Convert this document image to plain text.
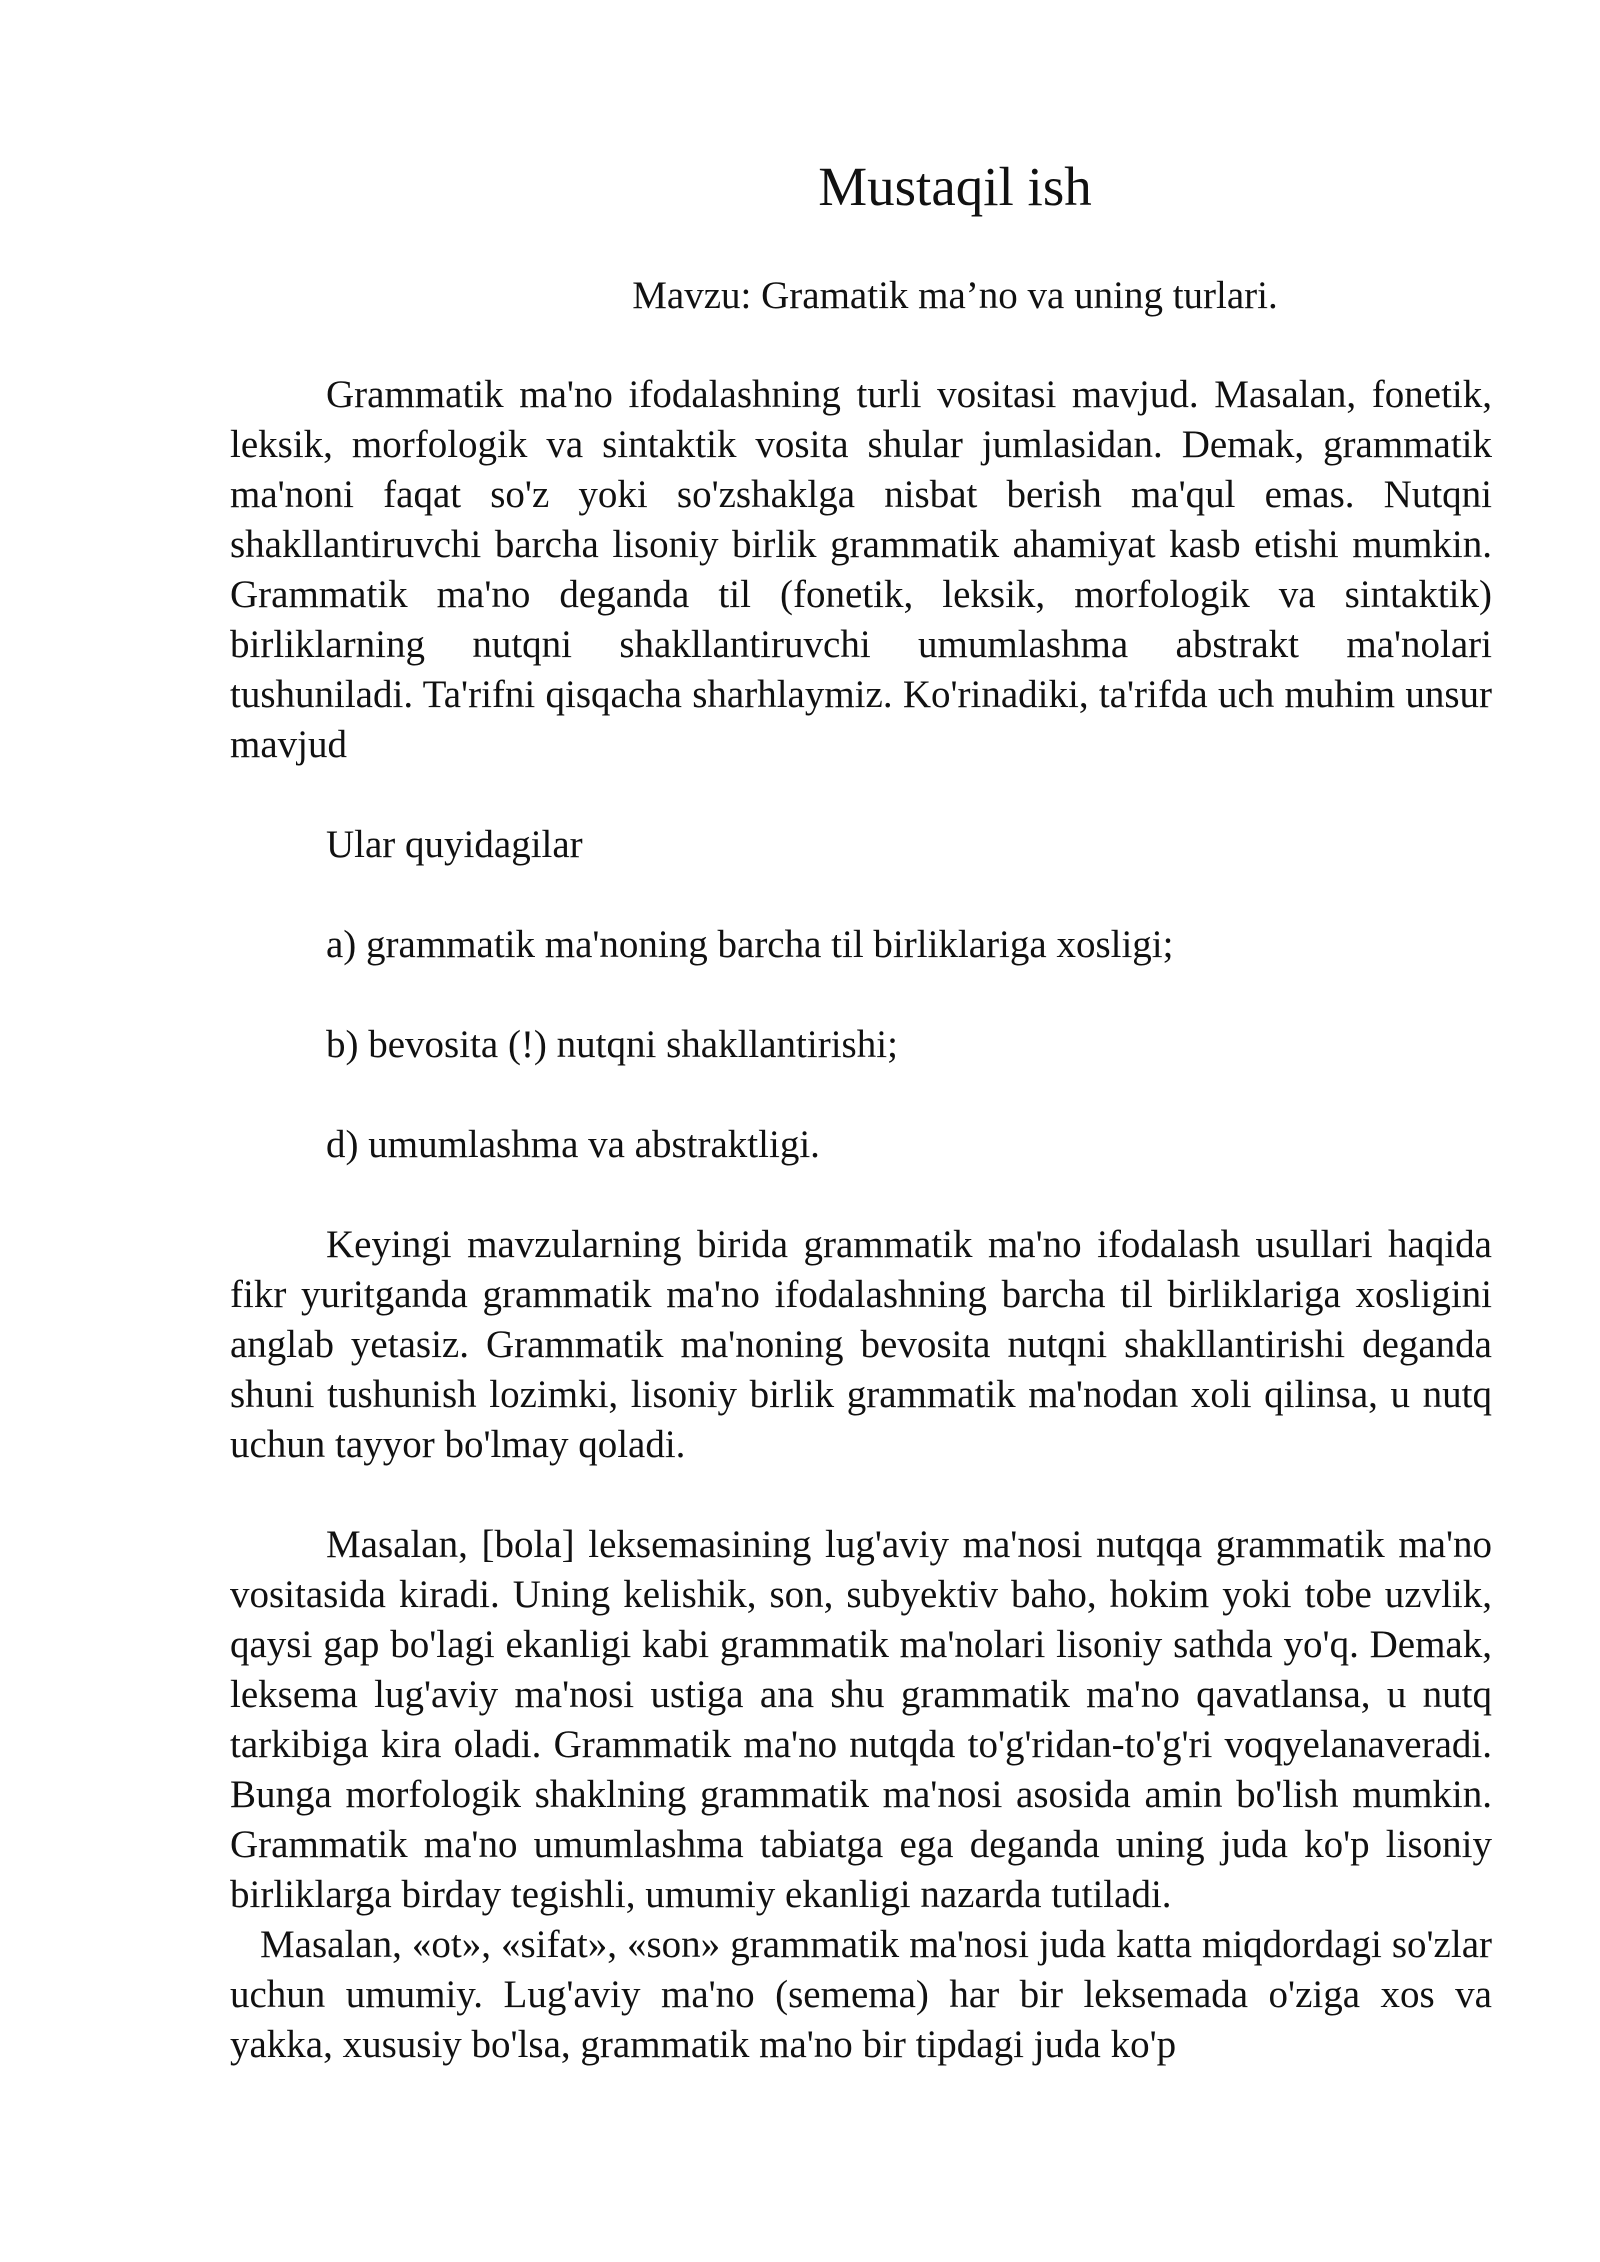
Mustaqil ish

Mavzu: Gramatik ma’no va uning turlari.

Grammatik ma'no ifodalashning turli vositasi mavjud. Masalan, fonetik, leksik, morfologik va sintaktik vosita shular jumlasidan. Demak, grammatik ma'noni faqat so'z yoki so'zshaklga nisbat berish ma'qul emas. Nutqni shakllantiruvchi barcha lisoniy birlik grammatik ahamiyat kasb etishi mumkin. Grammatik ma'no deganda til (fonetik, leksik, morfologik va sintaktik) birliklarning nutqni shakllantiruvchi umumlashma abstrakt ma'nolari tushuniladi. Ta'rifni qisqacha sharhlaymiz. Ko'rinadiki, ta'rifda uch muhim unsur mavjud

Ular quyidagilar

a) grammatik ma'noning barcha til birliklariga xosligi;

b) bevosita (!) nutqni shakllantirishi;

d) umumlashma va abstraktligi.

Keyingi mavzularning birida grammatik ma'no ifodalash usullari haqida fikr yuritganda grammatik ma'no ifodalashning barcha til birliklariga xosligini anglab yetasiz. Grammatik ma'noning bevosita nutqni shakllantirishi deganda shuni tushunish lozimki, lisoniy birlik grammatik ma'nodan xoli qilinsa, u nutq uchun tayyor bo'lmay qoladi.

Masalan, [bola] leksemasining lug'aviy ma'nosi nutqqa grammatik ma'no vositasida kiradi. Uning kelishik, son, subyektiv baho, hokim yoki tobe uzvlik, qaysi gap bo'lagi ekanligi kabi grammatik ma'nolari lisoniy sathda yo'q. Demak, leksema lug'aviy ma'nosi ustiga ana shu grammatik ma'no qavatlansa, u nutq tarkibiga kira oladi. Grammatik ma'no nutqda to'g'ridan-to'g'ri voqyelanaveradi. Bunga morfologik shaklning grammatik ma'nosi asosida amin bo'lish mumkin. Grammatik ma'no umumlashma tabiatga ega deganda uning juda ko'p lisoniy birliklarga birday tegishli, umumiy ekanligi nazarda tutiladi.

Masalan, «ot», «sifat», «son» grammatik ma'nosi juda katta miqdordagi so'zlar uchun umumiy. Lug'aviy ma'no (semema) har bir leksemada o'ziga xos va yakka, xususiy bo'lsa, grammatik ma'no bir tipdagi juda ko'p
